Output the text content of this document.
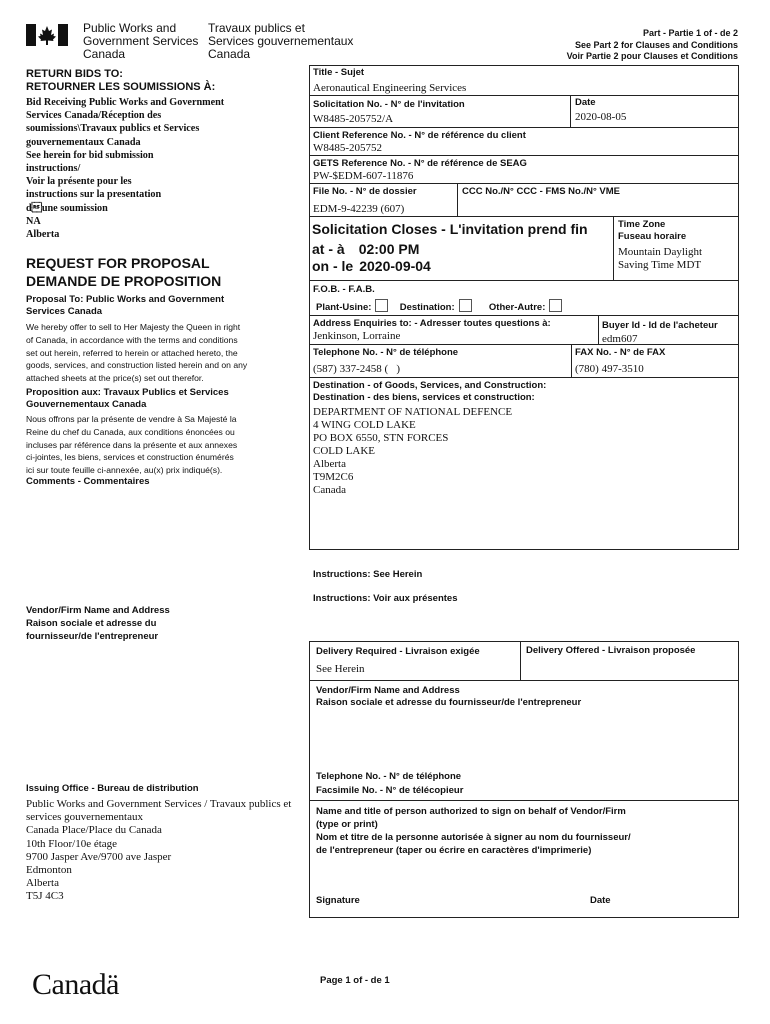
Public Works and
Government Services
Canada
Travaux publics et
Services gouvernementaux
Canada
Part - Partie 1 of - de 2
See Part 2 for Clauses and Conditions
Voir Partie 2 pour Clauses et Conditions
RETURN BIDS TO:
RETOURNER LES SOUMISSIONS À:
Bid Receiving Public Works and Government
Services Canada/Réception des
soumissions\Travaux publics et Services
gouvernementaux Canada
See herein for bid submission
instructions/
Voir la présente pour les
instructions sur la presentation
dune soumission
NA
Alberta
REQUEST FOR PROPOSAL
DEMANDE DE PROPOSITION
Proposal To: Public Works and Government
Services Canada
We hereby offer to sell to Her Majesty the Queen in right
of Canada, in accordance with the terms and conditions
set out herein, referred to herein or attached hereto, the
goods, services, and construction listed herein and on any
attached sheets at the price(s) set out therefor.
Proposition aux: Travaux Publics et Services
Gouvernementaux Canada
Nous offrons par la présente de vendre à Sa Majesté la
Reine du chef du Canada, aux conditions énoncées ou
incluses par référence dans la présente et aux annexes
ci-jointes, les biens, services et construction énumérés
ici sur toute feuille ci-annexée, au(x) prix indiqué(s).
Comments - Commentaires
Vendor/Firm Name and Address
Raison sociale et adresse du
fournisseur/de l'entrepreneur
Issuing Office - Bureau de distribution
Public Works and Government Services / Travaux publics et
services gouvernementaux
Canada Place/Place du Canada
10th Floor/10e étage
9700 Jasper Ave/9700 ave Jasper
Edmonton
Alberta
T5J 4C3
Title - Sujet
Aeronautical Engineering Services
Solicitation No. - N° de l'invitation
W8485-205752/A
Date
2020-08-05
Client Reference No. - N° de référence du client
W8485-205752
GETS Reference No. - N° de référence de SEAG
PW-$EDM-607-11876
File No. - N° de dossier
EDM-9-42239 (607)
CCC No./N° CCC - FMS No./N° VME
Solicitation Closes - L'invitation prend fin
at - à 02:00 PM
on - le 2020-09-04
Time Zone
Fuseau horaire
Mountain Daylight
Saving Time MDT
F.O.B. - F.A.B.
Plant-Usine:	Destination:	Other-Autre:
Address Enquiries to: - Adresser toutes questions à:
Jenkinson, Lorraine
Buyer Id - Id de l'acheteur
edm607
Telephone No. - N° de téléphone
(587) 337-2458 (   )
FAX No. - N° de FAX
(780) 497-3510
Destination - of Goods, Services, and Construction:
Destination - des biens, services et construction:
DEPARTMENT OF NATIONAL DEFENCE
4 WING COLD LAKE
PO BOX 6550, STN FORCES
COLD LAKE
Alberta
T9M2C6
Canada
Instructions: See Herein
Instructions: Voir aux présentes
Delivery Required - Livraison exigée
See Herein
Delivery Offered - Livraison proposée
Vendor/Firm Name and Address
Raison sociale et adresse du fournisseur/de l'entrepreneur
Telephone No. - N° de téléphone
Facsimile No. - N° de télécopieur
Name and title of person authorized to sign on behalf of Vendor/Firm
(type or print)
Nom et titre de la personne autorisée à signer au nom du fournisseur/
de l'entrepreneur (taper ou écrire en caractères d'imprimerie)
Signature	Date
Canadä	Page 1 of - de 1
